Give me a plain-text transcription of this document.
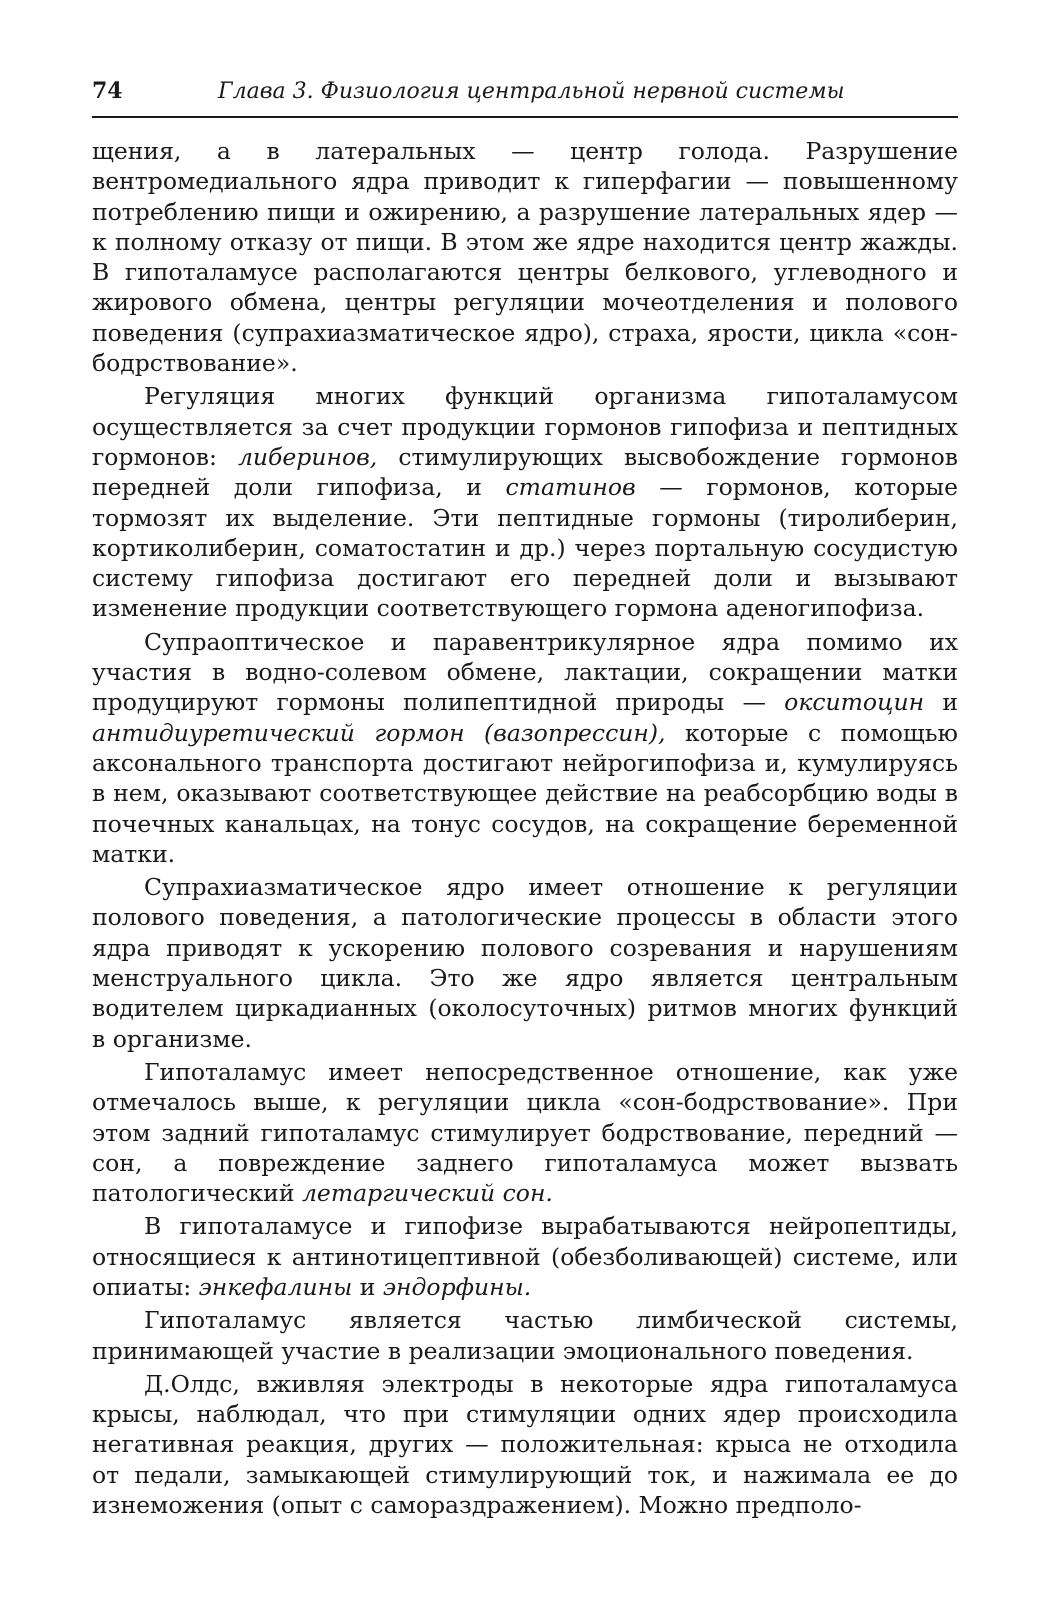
74	Глава 3. Физиология центральной нервной системы

щения, а в латеральных — центр голода. Разрушение вентромедиального ядра приводит к гиперфагии — повышенному потреблению пищи и ожирению, а разрушение латеральных ядер — к полному отказу от пищи. В этом же ядре находится центр жажды. В гипоталамусе располагаются центры белкового, углеводного и жирового обмена, центры регуляции мочеотделения и полового поведения (супрахиазматическое ядро), страха, ярости, цикла «сон-бодрствование».

Регуляция многих функций организма гипоталамусом осуществляется за счет продукции гормонов гипофиза и пептидных гормонов: либеринов, стимулирующих высвобождение гормонов передней доли гипофиза, и статинов — гормонов, которые тормозят их выделение. Эти пептидные гормоны (тиролиберин, кортиколиберин, соматостатин и др.) через портальную сосудистую систему гипофиза достигают его передней доли и вызывают изменение продукции соответствующего гормона аденогипофиза.

Супраоптическое и паравентрикулярное ядра помимо их участия в водно-солевом обмене, лактации, сокращении матки продуцируют гормоны полипептидной природы — окситоцин и антидиуретический гормон (вазопрессин), которые с помощью аксонального транспорта достигают нейрогипофиза и, кумулируясь в нем, оказывают соответствующее действие на реабсорбцию воды в почечных канальцах, на тонус сосудов, на сокращение беременной матки.

Супрахиазматическое ядро имеет отношение к регуляции полового поведения, а патологические процессы в области этого ядра приводят к ускорению полового созревания и нарушениям менструального цикла. Это же ядро является центральным водителем циркадианных (околосуточных) ритмов многих функций в организме.

Гипоталамус имеет непосредственное отношение, как уже отмечалось выше, к регуляции цикла «сон-бодрствование». При этом задний гипоталамус стимулирует бодрствование, передний — сон, а повреждение заднего гипоталамуса может вызвать патологический летаргический сон.

В гипоталамусе и гипофизе вырабатываются нейропептиды, относящиеся к антинотицептивной (обезболивающей) системе, или опиаты: энкефалины и эндорфины.

Гипоталамус является частью лимбической системы, принимающей участие в реализации эмоционального поведения.

Д.Олдс, вживляя электроды в некоторые ядра гипоталамуса крысы, наблюдал, что при стимуляции одних ядер происходила негативная реакция, других — положительная: крыса не отходила от педали, замыкающей стимулирующий ток, и нажимала ее до изнеможения (опыт с самораздражением). Можно предполо-
